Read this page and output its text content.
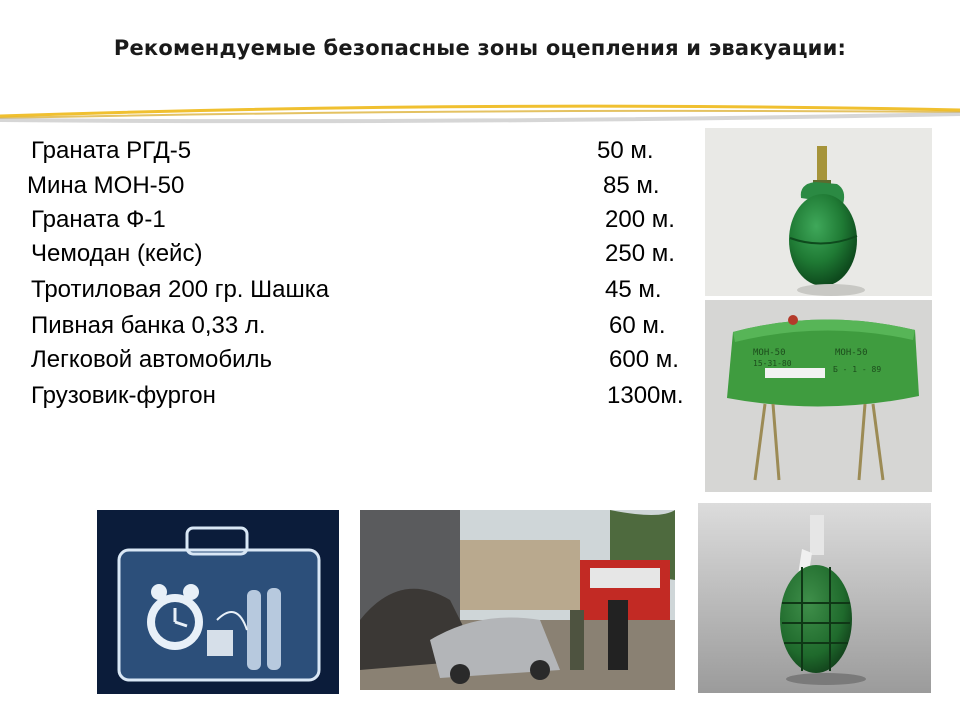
Рекомендуемые безопасные зоны оцепления и эвакуации:
Граната РГД-5	50 м.
Мина МОН-50	85 м.
Граната Ф-1	200 м.
Чемодан (кейс)	250 м.
Тротиловая 200 гр. Шашка	45 м.
Пивная банка 0,33 л.	60 м.
Легковой автомобиль	600 м.
Грузовик-фургон	1300м.
МОН-50	МОН-50
15-31-80
Б - 1 - 89
